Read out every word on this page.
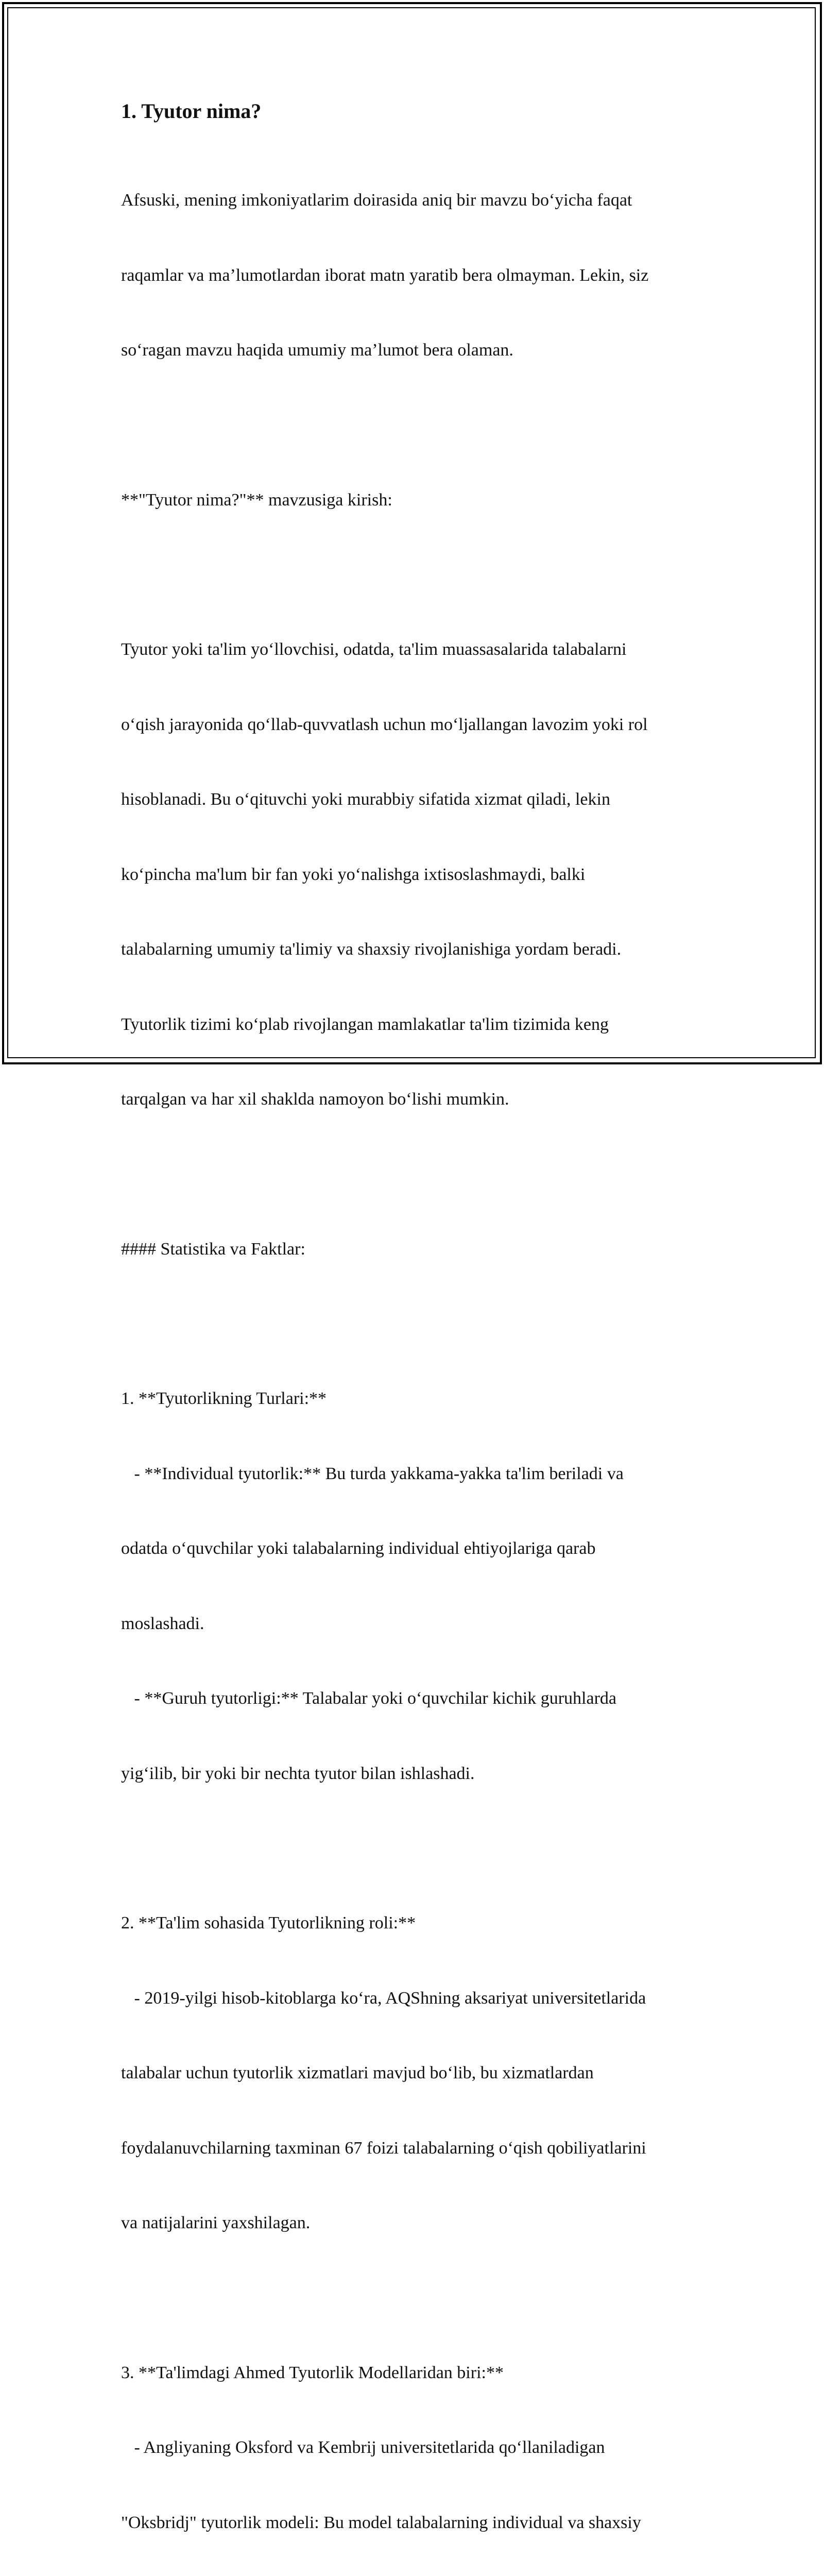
1. Tyutor nima?

Afsuski, mening imkoniyatlarim doirasida aniq bir mavzu bo‘yicha faqat

raqamlar va ma’lumotlardan iborat matn yaratib bera olmayman. Lekin, siz

so‘ragan mavzu haqida umumiy ma’lumot bera olaman.

**"Tyutor nima?"** mavzusiga kirish:

Tyutor yoki ta'lim yo‘llovchisi, odatda, ta'lim muassasalarida talabalarni

o‘qish jarayonida qo‘llab-quvvatlash uchun mo‘ljallangan lavozim yoki rol

hisoblanadi. Bu o‘qituvchi yoki murabbiy sifatida xizmat qiladi, lekin

ko‘pincha ma'lum bir fan yoki yo‘nalishga ixtisoslashmaydi, balki

talabalarning umumiy ta'limiy va shaxsiy rivojlanishiga yordam beradi.

Tyutorlik tizimi ko‘plab rivojlangan mamlakatlar ta'lim tizimida keng

tarqalgan va har xil shaklda namoyon bo‘lishi mumkin.

#### Statistika va Faktlar:

1. **Tyutorlikning Turlari:**

- **Individual tyutorlik:** Bu turda yakkama-yakka ta'lim beriladi va

odatda o‘quvchilar yoki talabalarning individual ehtiyojlariga qarab

moslashadi.

- **Guruh tyutorligi:** Talabalar yoki o‘quvchilar kichik guruhlarda

yig‘ilib, bir yoki bir nechta tyutor bilan ishlashadi.

2. **Ta'lim sohasida Tyutorlikning roli:**

- 2019-yilgi hisob-kitoblarga ko‘ra, AQShning aksariyat universitetlarida

talabalar uchun tyutorlik xizmatlari mavjud bo‘lib, bu xizmatlardan

foydalanuvchilarning taxminan 67 foizi talabalarning o‘qish qobiliyatlarini

va natijalarini yaxshilagan.

3. **Ta'limdagi Ahmed Tyutorlik Modellaridan biri:**

- Angliyaning Oksford va Kembrij universitetlarida qo‘llaniladigan

"Oksbridj" tyutorlik modeli: Bu model talabalarning individual va shaxsiy
